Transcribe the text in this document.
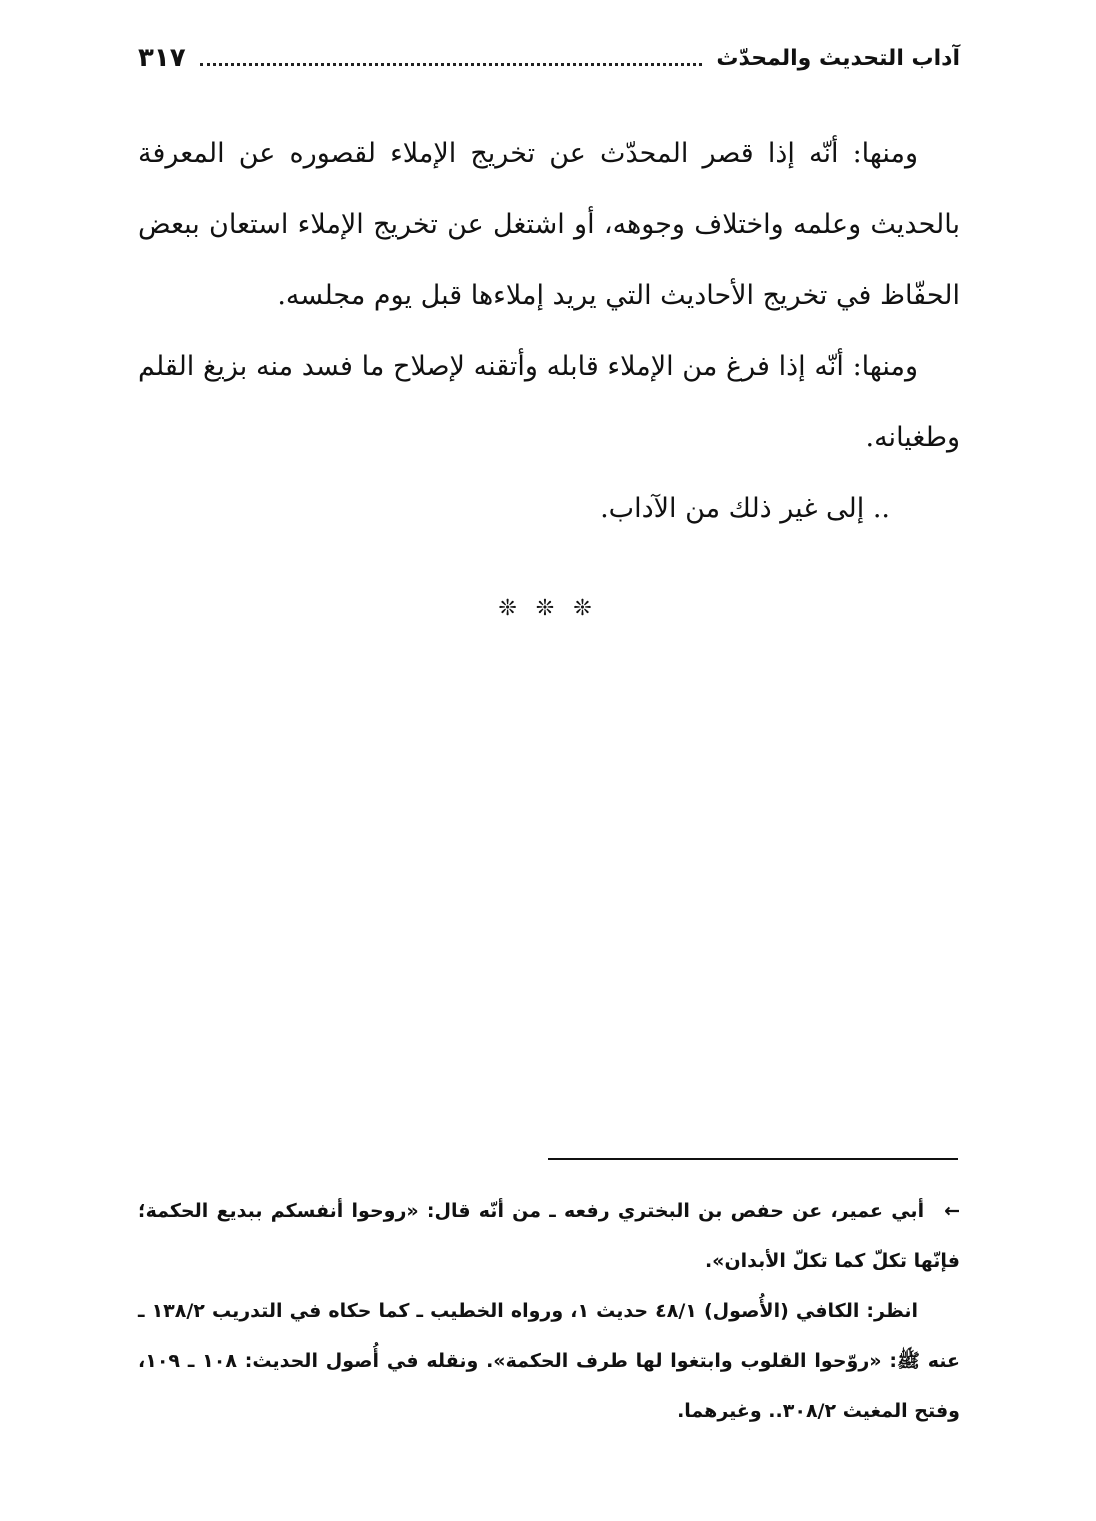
آداب التحديث والمحدّث
٣١٧

ومنها: أنّه إذا قصر المحدّث عن تخريج الإملاء لقصوره عن المعرفة بالحديث وعلمه واختلاف وجوهه، أو اشتغل عن تخريج الإملاء استعان ببعض الحفّاظ في تخريج الأحاديث التي يريد إملاءها قبل يوم مجلسه.

ومنها: أنّه إذا فرغ من الإملاء قابله وأتقنه لإصلاح ما فسد منه بزيغ القلم وطغيانه.

.. إلى غير ذلك من الآداب.

❊ ❊ ❊

←أبي عمير، عن حفص بن البختري رفعه ـ من أنّه قال: «روحوا أنفسكم ببديع الحكمة؛ فإنّها تكلّ كما تكلّ الأبدان».

انظر: الكافي (الأُصول) ٤٨/١ حديث ١، ورواه الخطيب ـ كما حكاه في التدريب ١٣٨/٢ ـ عنه ﷺ: «روّحوا القلوب وابتغوا لها طرف الحكمة». ونقله في أُصول الحديث: ١٠٨ ـ ١٠٩، وفتح المغيث ٣٠٨/٢.. وغيرهما.
